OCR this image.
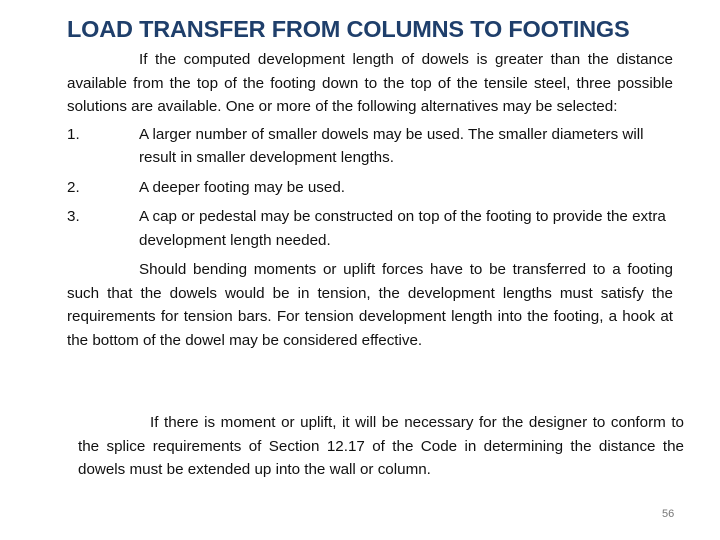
LOAD TRANSFER FROM COLUMNS TO FOOTINGS

If the computed development length of dowels is greater than the distance available from the top of the footing down to the top of the tensile steel, three possible solutions are available. One or more of the following alternatives may be selected:

1.	A larger number of smaller dowels may be used. The smaller diameters will result in smaller development lengths.
2.	A deeper footing may be used.
3.	A cap or pedestal may be constructed on top of the footing to provide the extra development length needed.

Should bending moments or uplift forces have to be transferred to a footing such that the dowels would be in tension, the development lengths must satisfy the requirements for tension bars. For tension development length into the footing, a hook at the bottom of the dowel may be considered effective.

If there is moment or uplift, it will be necessary for the designer to conform to the splice requirements of Section 12.17 of the Code in determining the distance the dowels must be extended up into the wall or column.

56
